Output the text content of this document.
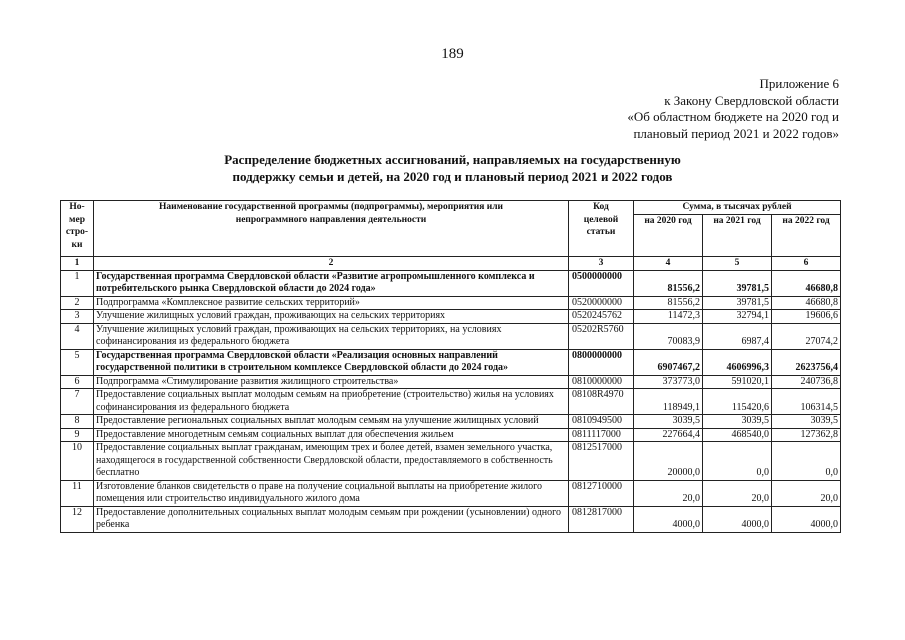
189
Приложение 6
к Закону Свердловской области
«Об областном бюджете на 2020 год и
плановый период 2021 и 2022 годов»
Распределение бюджетных ассигнований, направляемых на государственную
поддержку семьи и детей, на 2020 год и плановый период 2021 и 2022 годов
Но-
мер
стро-
ки	Наименование государственной программы (подпрограммы), мероприятия или
непрограммного направления деятельности	Код
целевой
статьи	Сумма, в тысячах рублей		
			на 2020 год	на 2021 год	на 2022 год
1	2	3	4	5	6
1	Государственная программа Свердловской области «Развитие агропромышленного комплекса и потребительского рынка Свердловской области до 2024 года»	0500000000	81556,2	39781,5	46680,8
2	Подпрограмма «Комплексное развитие сельских территорий»	0520000000	81556,2	39781,5	46680,8
3	Улучшение жилищных условий граждан, проживающих на сельских территориях	0520245762	11472,3	32794,1	19606,6
4	Улучшение жилищных условий граждан, проживающих на сельских территориях, на условиях софинансирования из федерального бюджета	05202R5760	70083,9	6987,4	27074,2
5	Государственная программа Свердловской области «Реализация основных направлений государственной политики в строительном комплексе Свердловской области до 2024 года»	0800000000	6907467,2	4606996,3	2623756,4
6	Подпрограмма «Стимулирование развития жилищного строительства»	0810000000	373773,0	591020,1	240736,8
7	Предоставление социальных выплат молодым семьям на приобретение (строительство) жилья на условиях софинансирования из федерального бюджета	08108R4970	118949,1	115420,6	106314,5
8	Предоставление региональных социальных выплат молодым семьям на улучшение жилищных условий	0810949500	3039,5	3039,5	3039,5
9	Предоставление многодетным семьям социальных выплат для обеспечения жильем	0811117000	227664,4	468540,0	127362,8
10	Предоставление социальных выплат гражданам, имеющим трех и более детей, взамен земельного участка, находящегося в государственной собственности Свердловской области, предоставляемого в собственность бесплатно	0812517000	20000,0	0,0	0,0
11	Изготовление бланков свидетельств о праве на получение социальной выплаты на приобретение жилого помещения или строительство индивидуального жилого дома	0812710000	20,0	20,0	20,0
12	Предоставление дополнительных социальных выплат молодым семьям при рождении (усыновлении) одного ребенка	0812817000	4000,0	4000,0	4000,0
